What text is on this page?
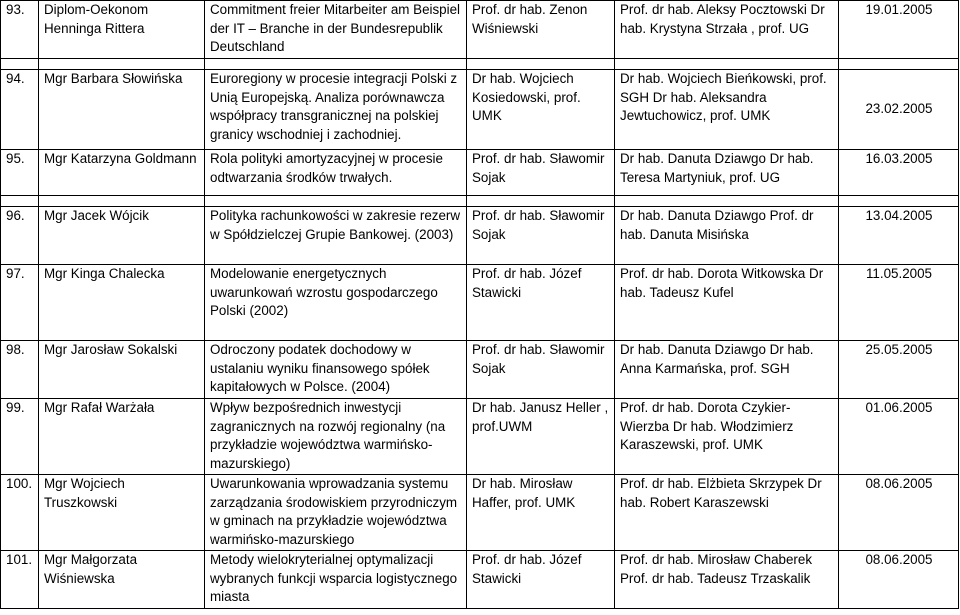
93.	Diplom-Oekonom Henninga Rittera	Commitment freier Mitarbeiter am Beispiel der IT – Branche in der Bundesrepublik Deutschland	Prof. dr hab. Zenon Wiśniewski	Prof. dr hab. Aleksy Pocztowski Dr hab. Krystyna Strzała , prof. UG	19.01.2005

94.	Mgr Barbara Słowińska	Euroregiony w procesie integracji Polski z Unią Europejską. Analiza porównawcza współpracy transgranicznej na polskiej granicy wschodniej i zachodniej.	Dr hab. Wojciech Kosiedowski, prof. UMK	Dr hab. Wojciech Bieńkowski, prof. SGH Dr hab. Aleksandra Jewtuchowicz, prof. UMK	23.02.2005
95.	Mgr Katarzyna Goldmann	Rola polityki amortyzacyjnej w procesie odtwarzania środków trwałych.	Prof. dr hab. Sławomir Sojak	Dr hab. Danuta Dziawgo Dr hab. Teresa Martyniuk, prof. UG	16.03.2005

96.	Mgr Jacek Wójcik	Polityka rachunkowości w zakresie rezerw w Spółdzielczej Grupie Bankowej. (2003)	Prof. dr hab. Sławomir Sojak	Dr hab. Danuta Dziawgo Prof. dr hab. Danuta Misińska	13.04.2005
97.	Mgr Kinga Chalecka	Modelowanie energetycznych uwarunkowań wzrostu gospodarczego Polski (2002)	Prof. dr hab. Józef Stawicki	Prof. dr hab. Dorota Witkowska Dr hab. Tadeusz Kufel	11.05.2005
98.	Mgr Jarosław Sokalski	Odroczony podatek dochodowy w ustalaniu wyniku finansowego spółek kapitałowych w Polsce. (2004)	Prof. dr hab. Sławomir Sojak	Dr hab. Danuta Dziawgo Dr hab. Anna Karmańska, prof. SGH	25.05.2005
99.	Mgr Rafał Warżała	Wpływ bezpośrednich inwestycji zagranicznych na rozwój regionalny (na przykładzie województwa warmińsko-mazurskiego)	Dr hab. Janusz Heller , prof.UWM	Prof. dr hab. Dorota Czykier-Wierzba Dr hab. Włodzimierz Karaszewski, prof. UMK	01.06.2005
100.	Mgr Wojciech Truszkowski	Uwarunkowania wprowadzania systemu zarządzania środowiskiem przyrodniczym w gminach na przykładzie województwa warmińsko-mazurskiego	Dr hab. Mirosław Haffer, prof. UMK	Prof. dr hab. Elżbieta Skrzypek Dr hab. Robert Karaszewski	08.06.2005
101.	Mgr Małgorzata Wiśniewska	Metody wielokryterialnej optymalizacji wybranych funkcji wsparcia logistycznego miasta	Prof. dr hab. Józef Stawicki	Prof. dr hab. Mirosław Chaberek Prof. dr hab. Tadeusz Trzaskalik	08.06.2005
